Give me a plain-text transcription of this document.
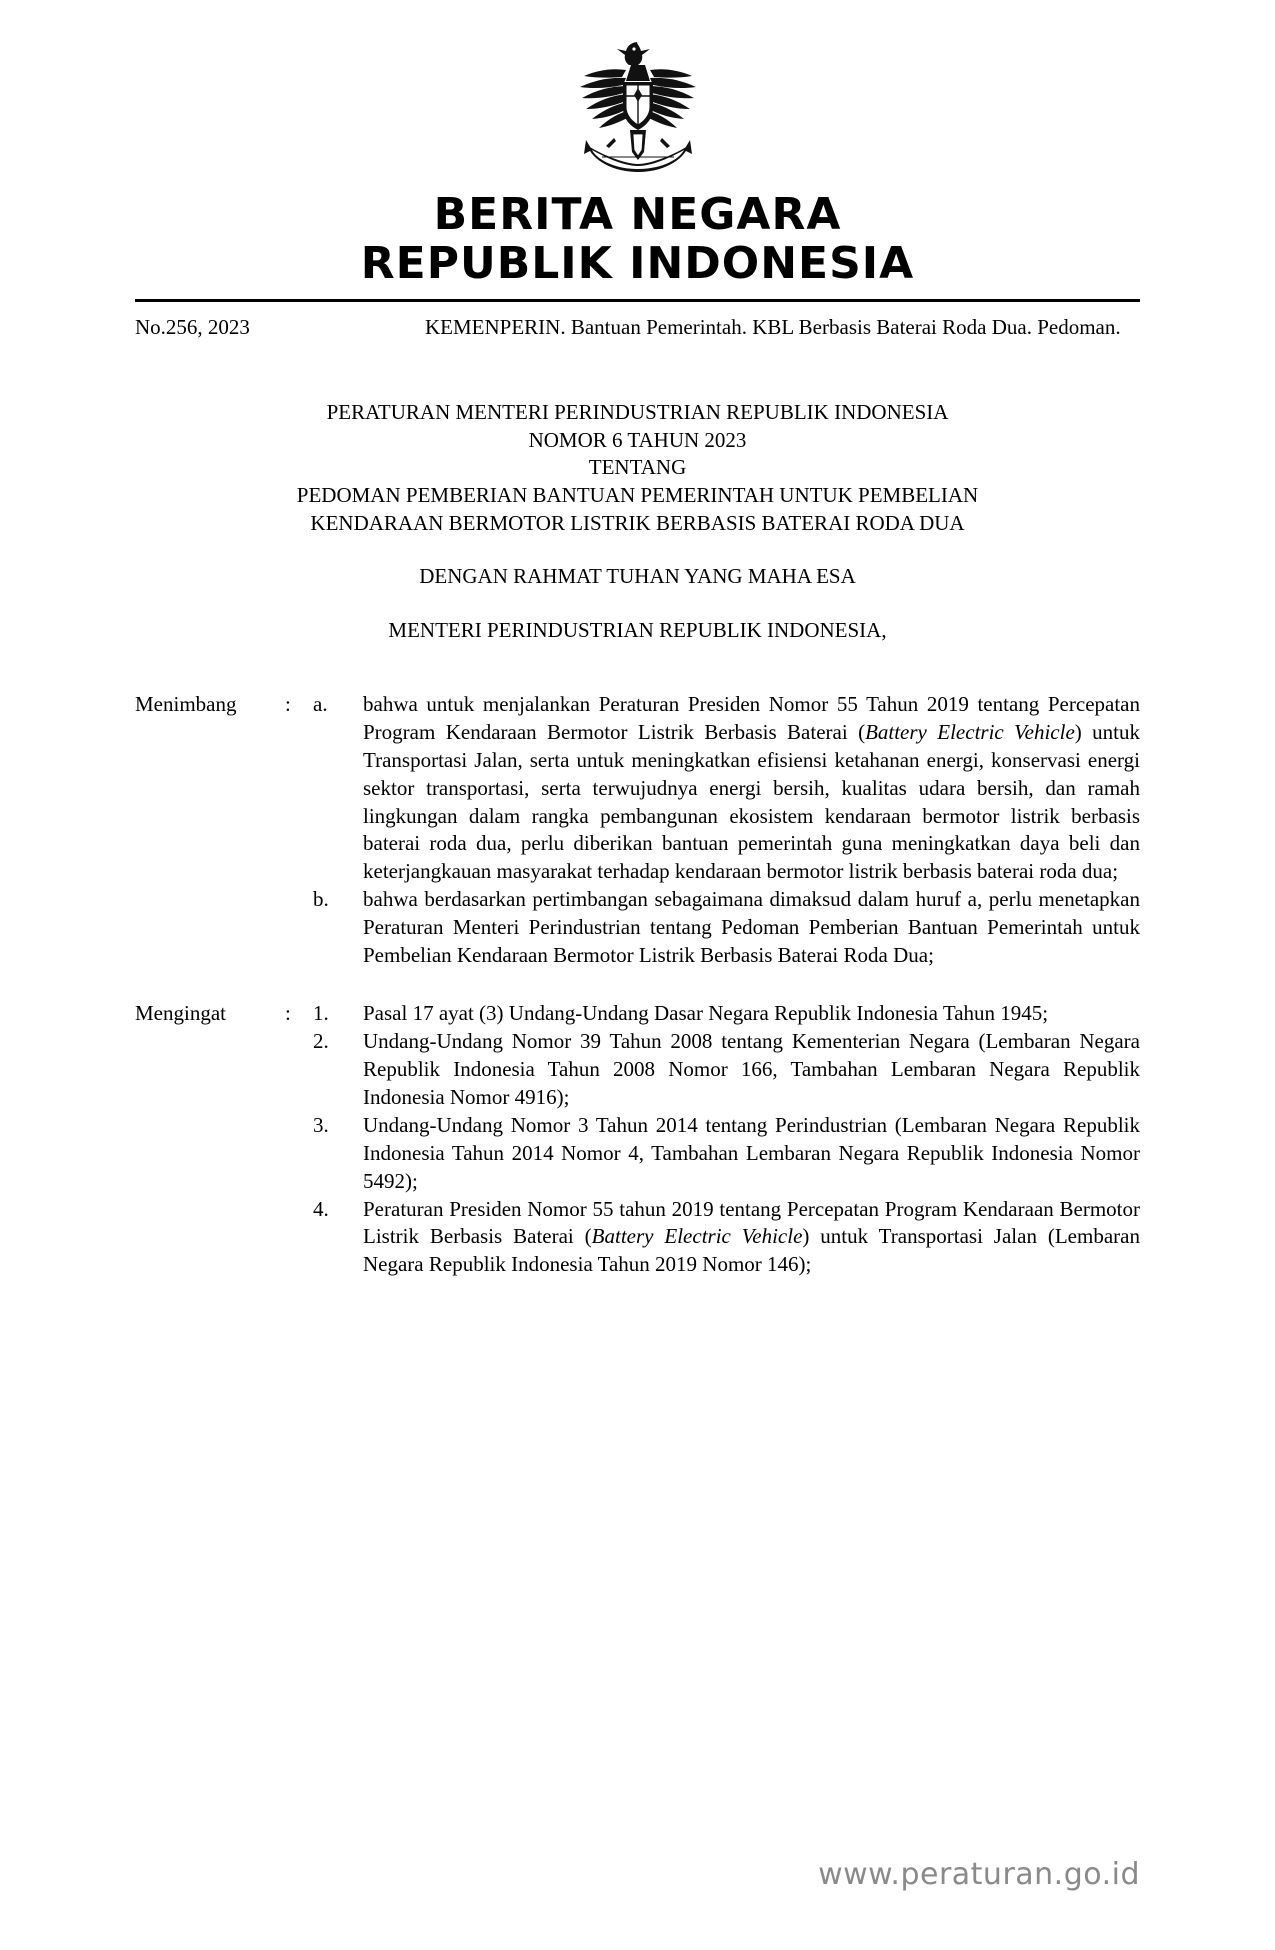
BERITA NEGARA
REPUBLIK INDONESIA
No.256, 2023	KEMENPERIN. Bantuan Pemerintah. KBL Berbasis Baterai Roda Dua. Pedoman.
PERATURAN MENTERI PERINDUSTRIAN REPUBLIK INDONESIA
NOMOR 6 TAHUN 2023
TENTANG
PEDOMAN PEMBERIAN BANTUAN PEMERINTAH UNTUK PEMBELIAN
KENDARAAN BERMOTOR LISTRIK BERBASIS BATERAI RODA DUA
DENGAN RAHMAT TUHAN YANG MAHA ESA
MENTERI PERINDUSTRIAN REPUBLIK INDONESIA,
Menimbang	:	a.	bahwa untuk menjalankan Peraturan Presiden Nomor 55 Tahun 2019 tentang Percepatan Program Kendaraan Bermotor Listrik Berbasis Baterai (Battery Electric Vehicle) untuk Transportasi Jalan, serta untuk meningkatkan efisiensi ketahanan energi, konservasi energi sektor transportasi, serta terwujudnya energi bersih, kualitas udara bersih, dan ramah lingkungan dalam rangka pembangunan ekosistem kendaraan bermotor listrik berbasis baterai roda dua, perlu diberikan bantuan pemerintah guna meningkatkan daya beli dan keterjangkauan masyarakat terhadap kendaraan bermotor listrik berbasis baterai roda dua;
b.	bahwa berdasarkan pertimbangan sebagaimana dimaksud dalam huruf a, perlu menetapkan Peraturan Menteri Perindustrian tentang Pedoman Pemberian Bantuan Pemerintah untuk Pembelian Kendaraan Bermotor Listrik Berbasis Baterai Roda Dua;
Mengingat	:	1.	Pasal 17 ayat (3) Undang-Undang Dasar Negara Republik Indonesia Tahun 1945;
2.	Undang-Undang Nomor 39 Tahun 2008 tentang Kementerian Negara (Lembaran Negara Republik Indonesia Tahun 2008 Nomor 166, Tambahan Lembaran Negara Republik Indonesia Nomor 4916);
3.	Undang-Undang Nomor 3 Tahun 2014 tentang Perindustrian (Lembaran Negara Republik Indonesia Tahun 2014 Nomor 4, Tambahan Lembaran Negara Republik Indonesia Nomor 5492);
4.	Peraturan Presiden Nomor 55 tahun 2019 tentang Percepatan Program Kendaraan Bermotor Listrik Berbasis Baterai (Battery Electric Vehicle) untuk Transportasi Jalan (Lembaran Negara Republik Indonesia Tahun 2019 Nomor 146);
www.peraturan.go.id
